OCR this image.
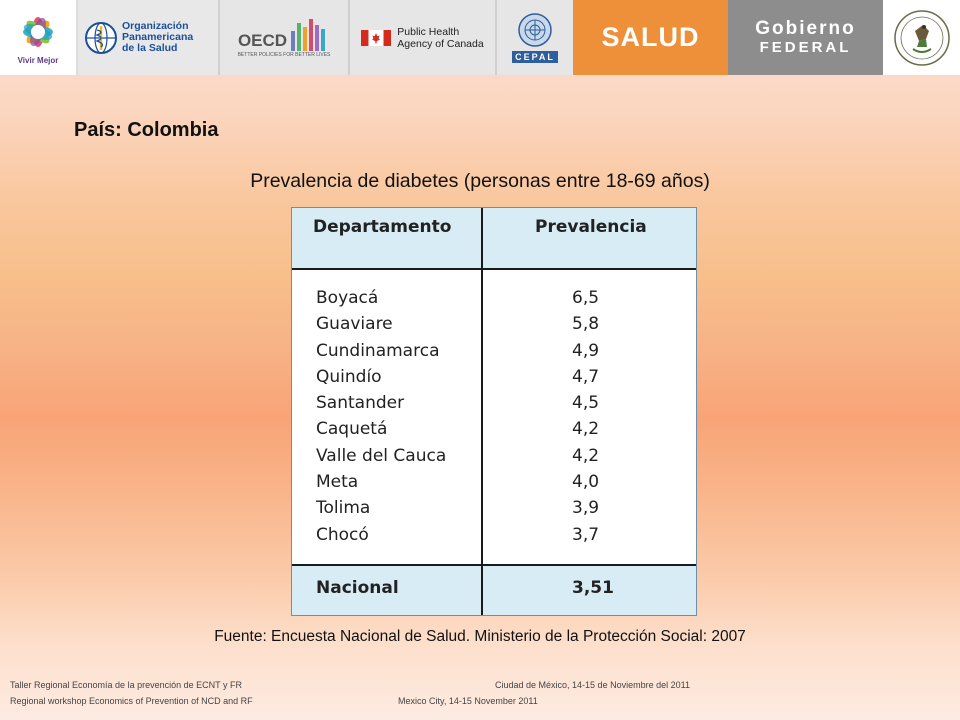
Vivir Mejor
Organización
Panamericana
de la Salud	OECD
BETTER POLICIES FOR BETTER LIVES
Public Health
Agency of Canada
CEPAL
SALUD	Gobierno
FEDERAL
País: Colombia
Prevalencia de diabetes (personas entre 18-69 años)
Departamento	Prevalencia
Boyacá	6,5
Guaviare	5,8
Cundinamarca	4,9
Quindío	4,7
Santander	4,5
Caquetá	4,2
Valle del Cauca	4,2
Meta	4,0
Tolima	3,9
Chocó	3,7
Nacional	3,51
Fuente: Encuesta Nacional de Salud. Ministerio de la Protección Social: 2007
Taller Regional Economía de la prevención de ECNT y FR
Regional workshop Economics of Prevention of NCD and RF
Ciudad de México, 14-15 de Noviembre del 2011
Mexico City, 14-15 November 2011
